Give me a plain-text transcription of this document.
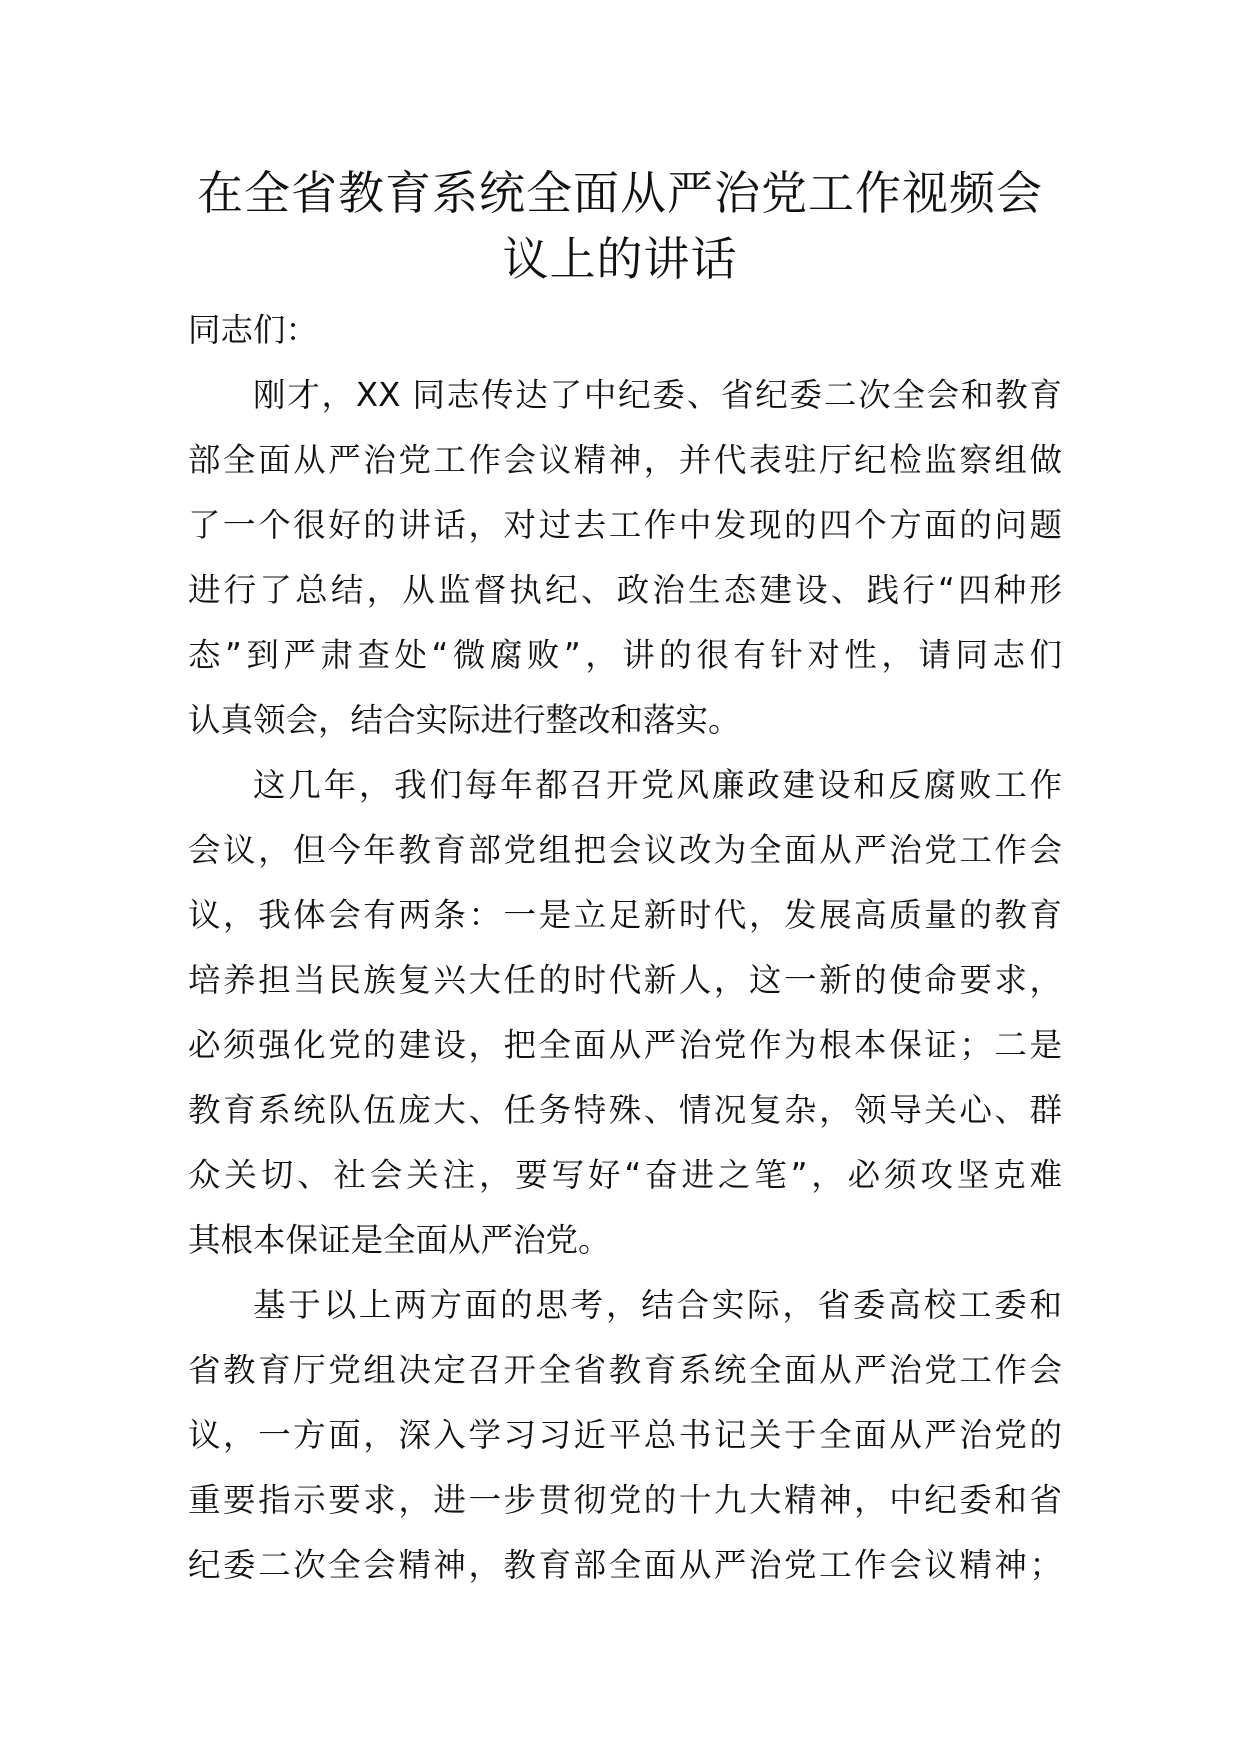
在全省教育系统全面从严治党工作视频会
议上的讲话

同志们：

刚才，XX 同志传达了中纪委、省纪委二次全会和教育
部全面从严治党工作会议精神，并代表驻厅纪检监察组做
了一个很好的讲话，对过去工作中发现的四个方面的问题
进行了总结，从监督执纪、政治生态建设、践行“四种形
态”到严肃查处“微腐败”，讲的很有针对性，请同志们
认真领会，结合实际进行整改和落实。

这几年，我们每年都召开党风廉政建设和反腐败工作
会议，但今年教育部党组把会议改为全面从严治党工作会
议，我体会有两条：一是立足新时代，发展高质量的教育
培养担当民族复兴大任的时代新人，这一新的使命要求，
必须强化党的建设，把全面从严治党作为根本保证；二是
教育系统队伍庞大、任务特殊、情况复杂，领导关心、群
众关切、社会关注，要写好“奋进之笔”，必须攻坚克难
其根本保证是全面从严治党。

基于以上两方面的思考，结合实际，省委高校工委和
省教育厅党组决定召开全省教育系统全面从严治党工作会
议，一方面，深入学习习近平总书记关于全面从严治党的
重要指示要求，进一步贯彻党的十九大精神，中纪委和省
纪委二次全会精神，教育部全面从严治党工作会议精神；
